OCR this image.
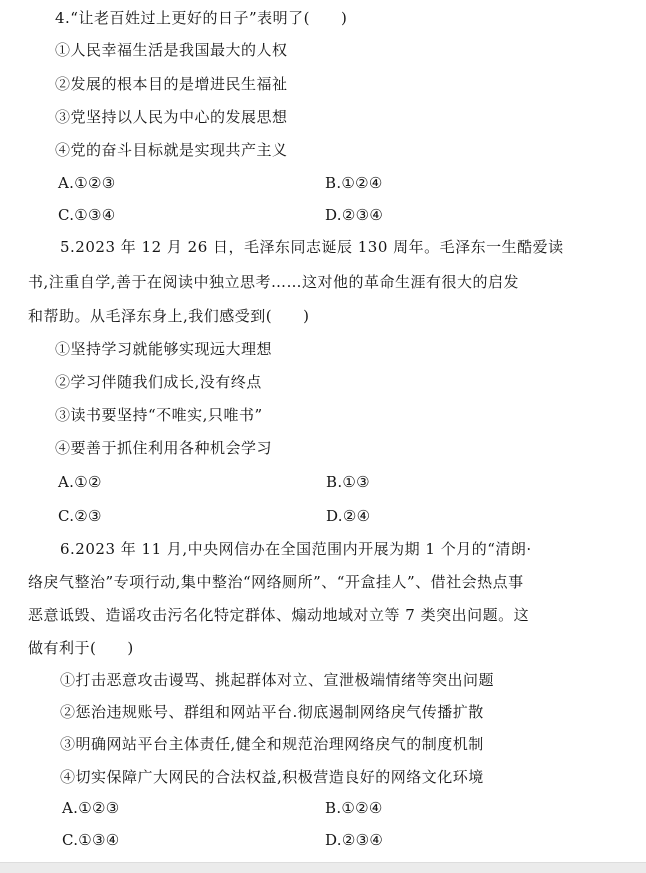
4.“让老百姓过上更好的日子”表明了(　　)
①人民幸福生活是我国最大的人权
②发展的根本目的是增进民生福祉
③党坚持以人民为中心的发展思想
④党的奋斗目标就是实现共产主义
A.①②③	B.①②④
C.①③④	D.②③④
5.2023 年 12 月 26 日，毛泽东同志诞辰 130 周年。毛泽东一生酷爱读
书,注重自学,善于在阅读中独立思考……这对他的革命生涯有很大的启发
和帮助。从毛泽东身上,我们感受到(　　)
①坚持学习就能够实现远大理想
②学习伴随我们成长,没有终点
③读书要坚持“不唯实,只唯书”
④要善于抓住利用各种机会学习
A.①②	B.①③
C.②③	D.②④
6.2023 年 11 月,中央网信办在全国范围内开展为期 1 个月的“清朗·
络戾气整治”专项行动,集中整治“网络厕所”、“开盒挂人”、借社会热点事
恶意诋毁、造谣攻击污名化特定群体、煽动地域对立等 7 类突出问题。这
做有利于(　　)
①打击恶意攻击谩骂、挑起群体对立、宣泄极端情绪等突出问题
②惩治违规账号、群组和网站平台.彻底遏制网络戾气传播扩散
③明确网站平台主体责任,健全和规范治理网络戾气的制度机制
④切实保障广大网民的合法权益,积极营造良好的网络文化环境
A.①②③	B.①②④
C.①③④	D.②③④
